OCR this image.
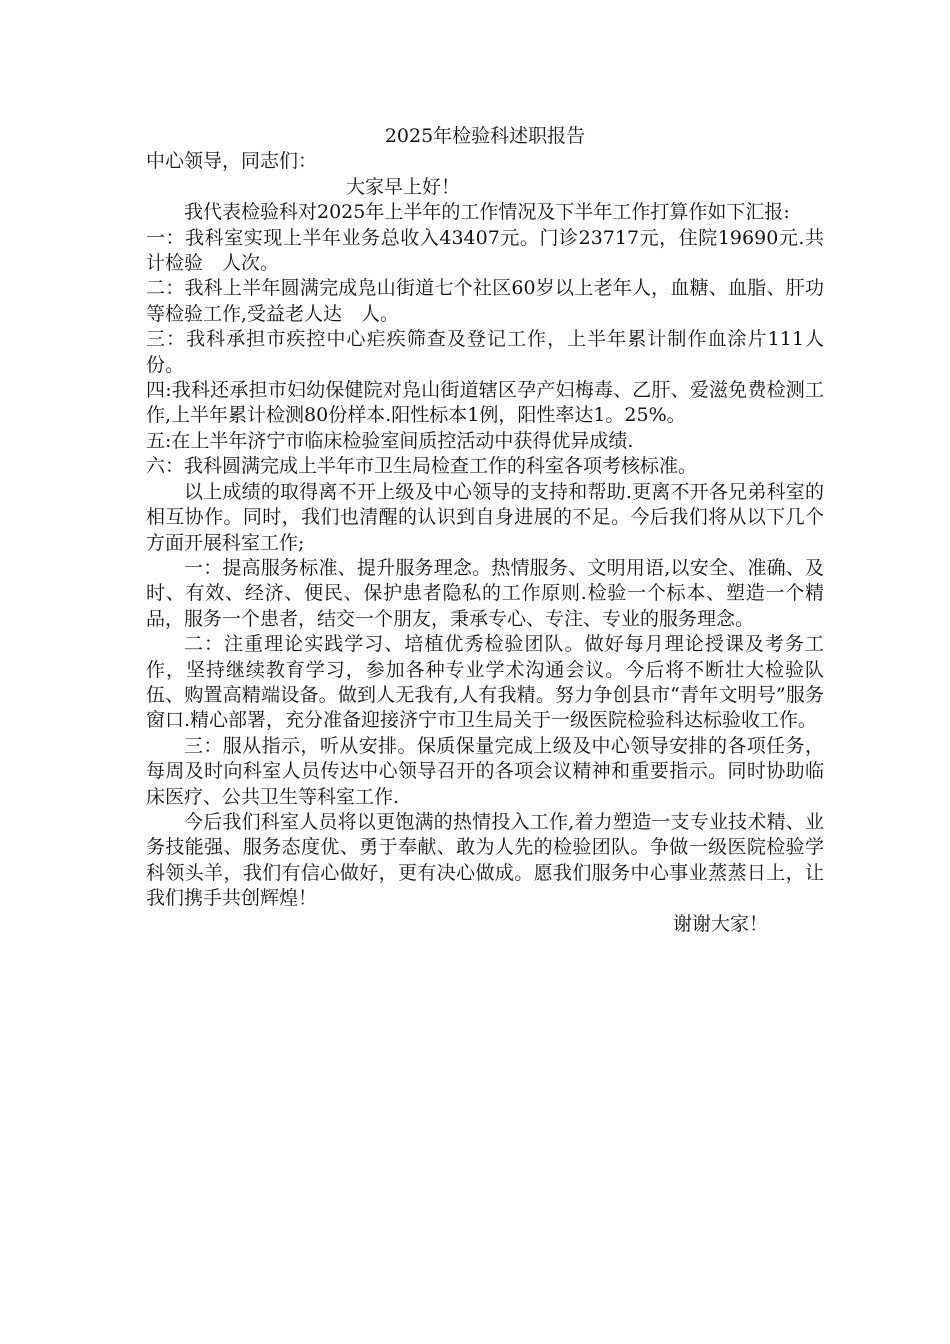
2025年检验科述职报告

中心领导，同志们：

大家早上好！

我代表检验科对2025年上半年的工作情况及下半年工作打算作如下汇报:

一：我科室实现上半年业务总收入43407元。门诊23717元，住院19690元.共计检验　人次。

二：我科上半年圆满完成凫山街道七个社区60岁以上老年人，血糖、血脂、肝功等检验工作,受益老人达　人。

三：我科承担市疾控中心疟疾筛查及登记工作，上半年累计制作血涂片111人份。

四:我科还承担市妇幼保健院对凫山街道辖区孕产妇梅毒、乙肝、爱滋免费检测工作,上半年累计检测80份样本.阳性标本1例，阳性率达1。25%。

五:在上半年济宁市临床检验室间质控活动中获得优异成绩.

六：我科圆满完成上半年市卫生局检查工作的科室各项考核标准。

以上成绩的取得离不开上级及中心领导的支持和帮助.更离不开各兄弟科室的相互协作。同时，我们也清醒的认识到自身进展的不足。今后我们将从以下几个方面开展科室工作;

一：提高服务标准、提升服务理念。热情服务、文明用语,以安全、准确、及时、有效、经济、便民、保护患者隐私的工作原则.检验一个标本、塑造一个精品，服务一个患者，结交一个朋友，秉承专心、专注、专业的服务理念。

二：注重理论实践学习、培植优秀检验团队。做好每月理论授课及考务工作，坚持继续教育学习，参加各种专业学术沟通会议。今后将不断壮大检验队伍、购置高精端设备。做到人无我有,人有我精。努力争创县市“青年文明号”服务窗口.精心部署，充分准备迎接济宁市卫生局关于一级医院检验科达标验收工作。

三：服从指示，听从安排。保质保量完成上级及中心领导安排的各项任务，每周及时向科室人员传达中心领导召开的各项会议精神和重要指示。同时协助临床医疗、公共卫生等科室工作.

今后我们科室人员将以更饱满的热情投入工作,着力塑造一支专业技术精、业务技能强、服务态度优、勇于奉献、敢为人先的检验团队。争做一级医院检验学科领头羊，我们有信心做好，更有决心做成。愿我们服务中心事业蒸蒸日上，让我们携手共创辉煌！

谢谢大家！
